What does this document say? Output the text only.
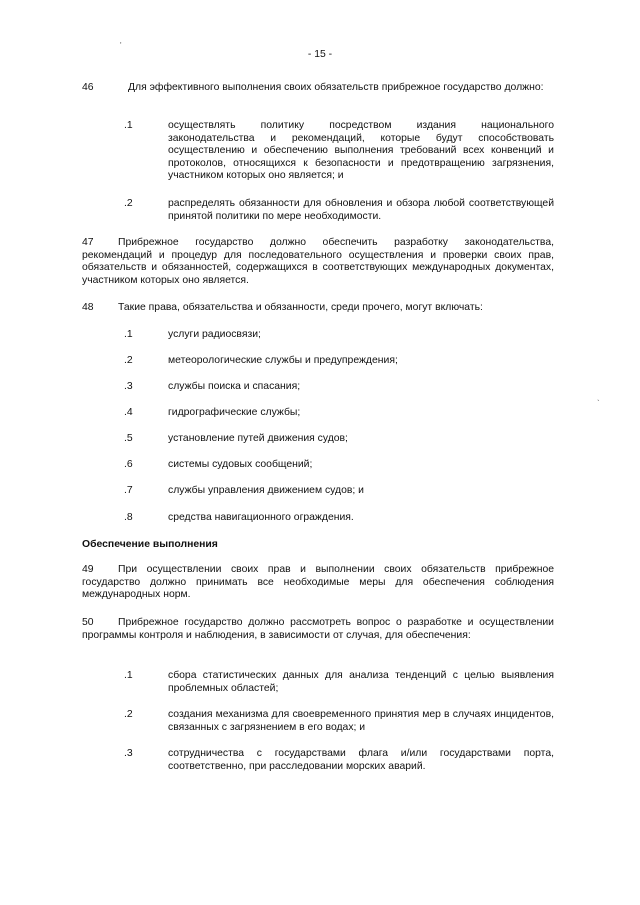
'
`
- 15 -
46	Для эффективного выполнения своих обязательств прибрежное государство должно:
.1	осуществлять политику посредством издания национального законодательства и рекомендаций, которые будут способствовать осуществлению и обеспечению выполнения требований всех конвенций и протоколов, относящихся к безопасности и предотвращению загрязнения, участником которых оно является; и
.2	распределять обязанности для обновления и обзора любой соответствующей принятой политики по мере необходимости.
47 Прибрежное государство должно обеспечить разработку законодательства, рекомендаций и процедур для последовательного осуществления и проверки своих прав, обязательств и обязанностей, содержащихся в соответствующих международных документах, участником которых оно является.
48 Такие права, обязательства и обязанности, среди прочего, могут включать:
.1	услуги радиосвязи;
.2	метеорологические службы и предупреждения;
.3	службы поиска и спасания;
.4	гидрографические службы;
.5	установление путей движения судов;
.6	системы судовых сообщений;
.7	службы управления движением судов; и
.8	средства навигационного ограждения.
Обеспечение выполнения
49 При осуществлении своих прав и выполнении своих обязательств прибрежное государство должно принимать все необходимые меры для обеспечения соблюдения международных норм.
50 Прибрежное государство должно рассмотреть вопрос о разработке и осуществлении программы контроля и наблюдения, в зависимости от случая, для обеспечения:
.1	сбора статистических данных для анализа тенденций с целью выявления проблемных областей;
.2	создания механизма для своевременного принятия мер в случаях инцидентов, связанных с загрязнением в его водах; и
.3	сотрудничества с государствами флага и/или государствами порта, соответственно, при расследовании морских аварий.
